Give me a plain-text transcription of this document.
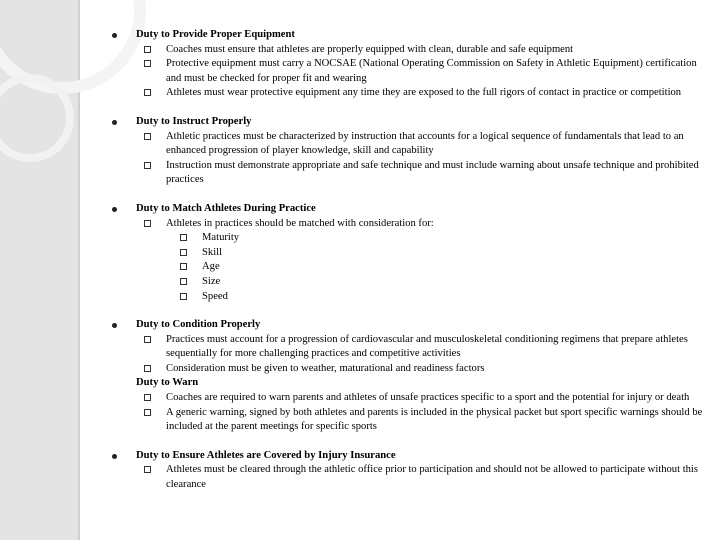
Duty to Provide Proper Equipment
Coaches must ensure that athletes are properly equipped with clean, durable and safe equipment
Protective equipment must carry a NOCSAE (National Operating Commission on Safety in Athletic Equipment) certification and must be checked for proper fit and wearing
Athletes must wear protective equipment any time they are exposed to the full rigors of contact in practice or competition
Duty to Instruct Properly
Athletic practices must be characterized by instruction that accounts for a logical sequence of fundamentals that lead to an enhanced progression of player knowledge, skill and capability
Instruction must demonstrate appropriate and safe technique and must include warning about unsafe technique and prohibited practices
Duty to Match Athletes During Practice
Athletes in practices should be matched with consideration for:
Maturity
Skill
Age
Size
Speed
Duty to Condition Properly
Practices must account for a progression of cardiovascular and musculoskeletal conditioning regimens that prepare athletes sequentially for more challenging practices and competitive activities
Consideration must be given to weather, maturational and readiness factors
Duty to Warn
Coaches are required to warn parents and athletes of unsafe practices specific to a sport and the potential for injury or death
A generic warning, signed by both athletes and parents is included in the physical packet but sport specific warnings should be included at the parent meetings for specific sports
Duty to Ensure Athletes are Covered by Injury Insurance
Athletes must be cleared through the athletic office prior to participation and should not be allowed to participate without this clearance
